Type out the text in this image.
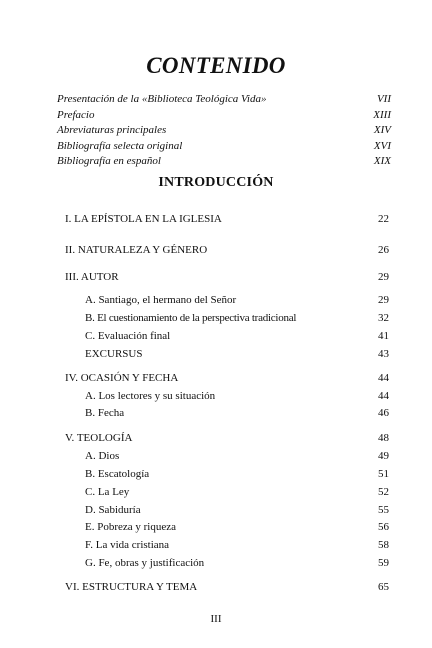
CONTENIDO
Presentación de la «Biblioteca Teológica Vida»	VII
Prefacio	XIII
Abreviaturas principales	XIV
Bibliografía selecta original	XVI
Bibliografía en español	XIX
INTRODUCCIÓN
I. LA EPÍSTOLA EN LA IGLESIA	22
II. NATURALEZA Y GÉNERO	26
III. AUTOR	29
A. Santiago, el hermano del Señor	29
B. El cuestionamiento de la perspectiva tradicional	32
C. Evaluación final	41
EXCURSUS	43
IV. OCASIÓN Y FECHA	44
A. Los lectores y su situación	44
B. Fecha	46
V. TEOLOGÍA	48
A. Dios	49
B. Escatología	51
C. La Ley	52
D. Sabiduría	55
E. Pobreza y riqueza	56
F. La vida cristiana	58
G. Fe, obras y justificación	59
VI. ESTRUCTURA Y TEMA	65
III
